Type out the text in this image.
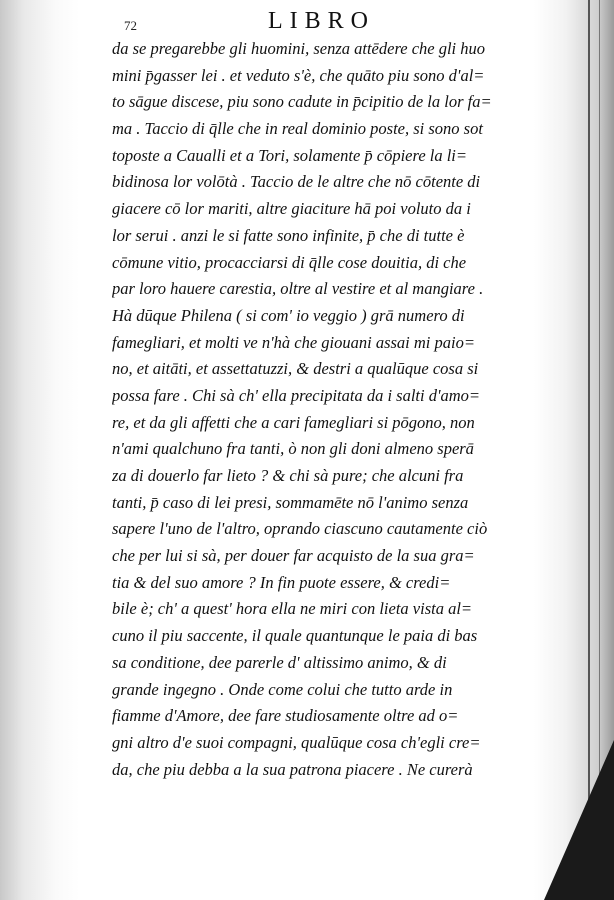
72	LIBRO
da se pregarebbe gli huomini, senza attēdere che gli huo
mini p̄gasser lei . et veduto s'è, che quāto piu sono d'al=
to sāgue discese, piu sono cadute in p̄cipitio de la lor fa=
ma . Taccio di q̄lle che in real dominio poste, si sono sot
toposte a Caualli et a Tori, solamente p̄ cōpiere la li=
bidinosa lor volōtà . Taccio de le altre che nō cōtente di
giacere cō lor mariti, altre giaciture hā poi voluto da i
lor serui . anzi le si fatte sono infinite, p̄ che di tutte è
cōmune vitio, procacciarsi di q̄lle cose douitia, di che
par loro hauere carestia, oltre al vestire et al mangiare .
Hà dūque Philena ( si com' io veggio ) grā numero di
famegliari, et molti ve n'hà che giouani assai mi paio=
no, et aitāti, et assettatuzzi, & destri a qualūque cosa si
possa fare . Chi sà ch' ella precipitata da i salti d'amo=
re, et da gli affetti che a cari famegliari si pōgono, non
n'ami qualchuno fra tanti, ò non gli doni almeno sperā
za di douerlo far lieto ? & chi sà pure; che alcuni fra
tanti, p̄ caso di lei presi, sommamēte nō l'animo senza
sapere l'uno de l'altro, oprando ciascuno cautamente ciò
che per lui si sà, per douer far acquisto de la sua gra=
tia & del suo amore ? In fin puote essere, & credi=
bile è; ch' a quest' hora ella ne miri con lieta vista al=
cuno il piu saccente, il quale quantunque le paia di bas
sa conditione, dee parerle d' altissimo animo, & di
grande ingegno . Onde come colui che tutto arde in
fiamme d'Amore, dee fare studiosamente oltre ad o=
gni altro d'e suoi compagni, qualūque cosa ch'egli cre=
da, che piu debba a la sua patrona piacere . Ne curerà
